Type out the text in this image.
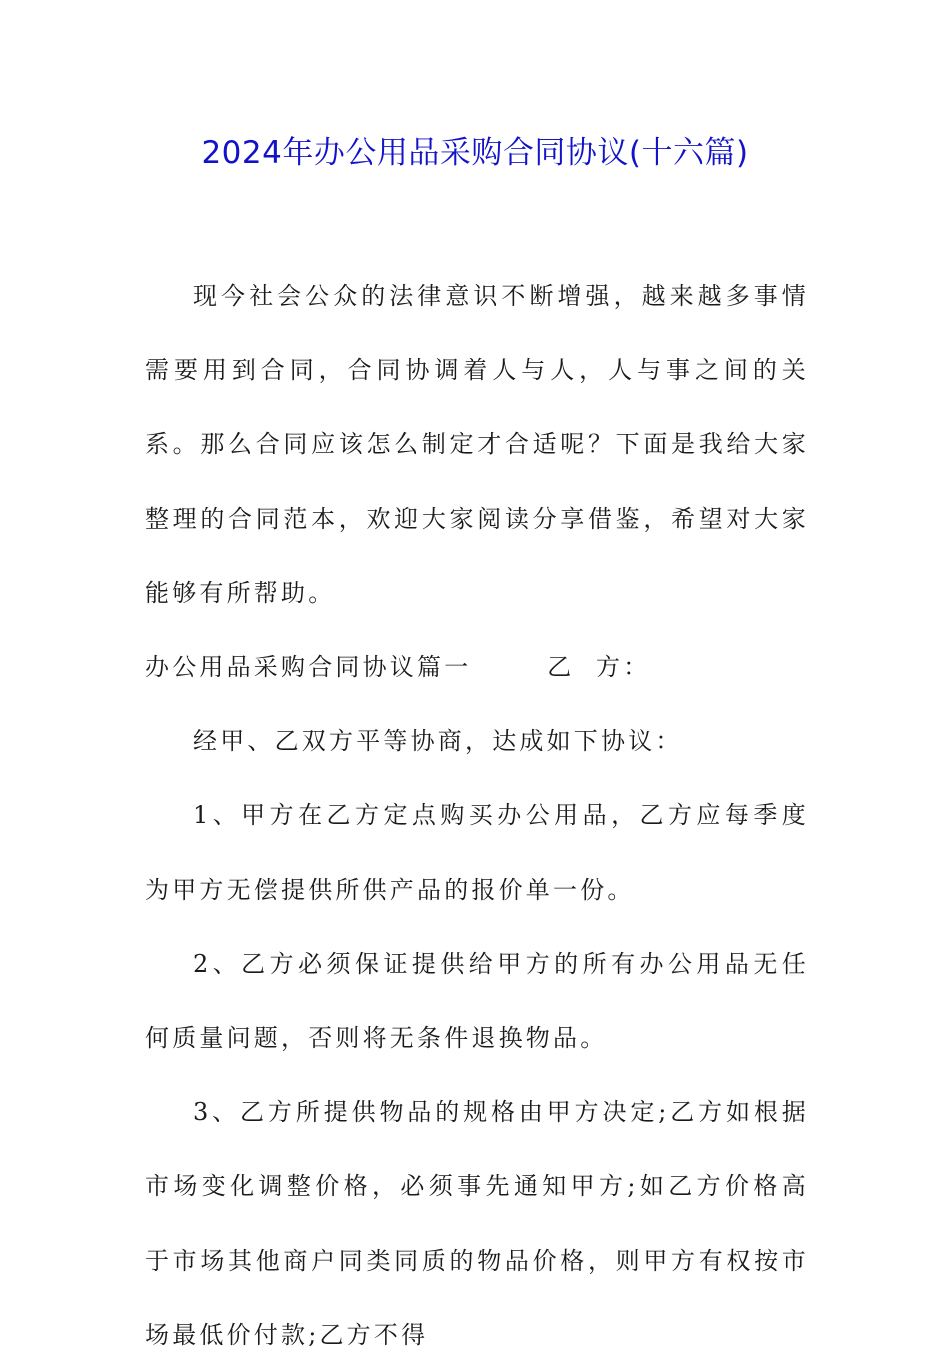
2024年办公用品采购合同协议(十六篇)

现今社会公众的法律意识不断增强，越来越多事情需要用到合同，合同协调着人与人，人与事之间的关系。那么合同应该怎么制定才合适呢？下面是我给大家整理的合同范本，欢迎大家阅读分享借鉴，希望对大家能够有所帮助。

办公用品采购合同协议篇一       乙  方：

经甲、乙双方平等协商，达成如下协议：

1、甲方在乙方定点购买办公用品，乙方应每季度为甲方无偿提供所供产品的报价单一份。

2、乙方必须保证提供给甲方的所有办公用品无任何质量问题，否则将无条件退换物品。

3、乙方所提供物品的规格由甲方决定;乙方如根据市场变化调整价格，必须事先通知甲方;如乙方价格高于市场其他商户同类同质的物品价格，则甲方有权按市场最低价付款;乙方不得
